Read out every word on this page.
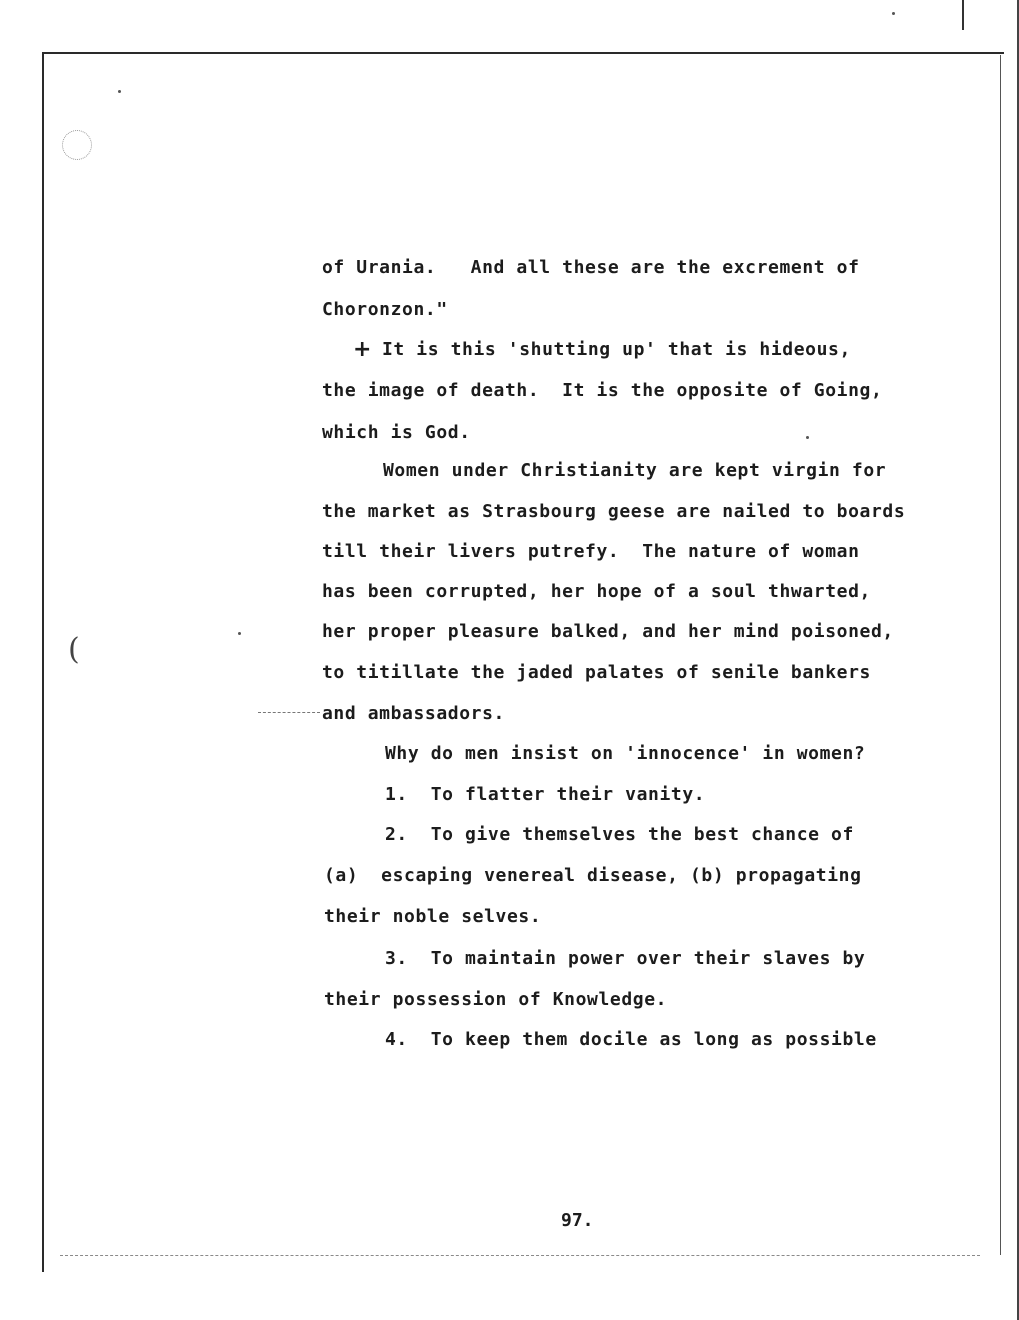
(
of Urania.   And all these are the excrement of
Choronzon."
+ It is this 'shutting up' that is hideous,
the image of death.  It is the opposite of Going,
which is God.
Women under Christianity are kept virgin for
the market as Strasbourg geese are nailed to boards
till their livers putrefy.  The nature of woman
has been corrupted, her hope of a soul thwarted,
her proper pleasure balked, and her mind poisoned,
to titillate the jaded palates of senile bankers
and ambassadors.
Why do men insist on 'innocence' in women?
1.  To flatter their vanity.
2.  To give themselves the best chance of
(a)  escaping venereal disease, (b) propagating
their noble selves.
3.  To maintain power over their slaves by
their possession of Knowledge.
4.  To keep them docile as long as possible
97.
